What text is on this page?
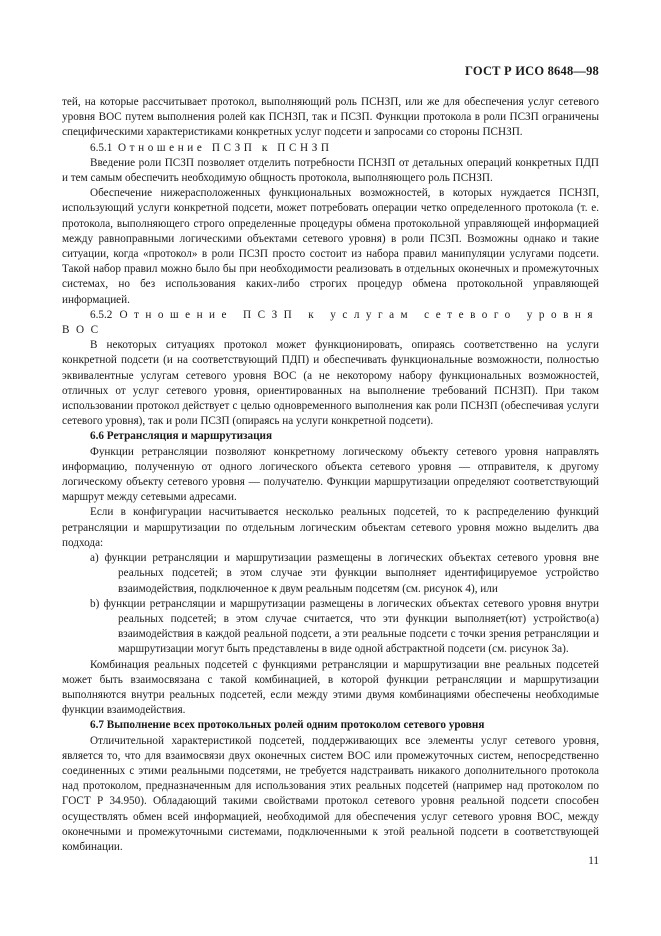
ГОСТ Р ИСО 8648—98

тей, на которые рассчитывает протокол, выполняющий роль ПСНЗП, или же для обеспечения услуг сетевого уровня ВОС путем выполнения ролей как ПСНЗП, так и ПСЗП. Функции протокола в роли ПСЗП ограничены специфическими характеристиками конкретных услуг подсети и запросами со стороны ПСНЗП.

6.5.1 Отношение ПСЗП к ПСНЗП

Введение роли ПСЗП позволяет отделить потребности ПСНЗП от детальных операций конкретных ПДП и тем самым обеспечить необходимую общность протокола, выполняющего роль ПСНЗП.

Обеспечение нижерасположенных функциональных возможностей, в которых нуждается ПСНЗП, использующий услуги конкретной подсети, может потребовать операции четко определенного протокола (т. е. протокола, выполняющего строго определенные процедуры обмена протокольной управляющей информацией между равноправными логическими объектами сетевого уровня) в роли ПСЗП. Возможны однако и такие ситуации, когда «протокол» в роли ПСЗП просто состоит из набора правил манипуляции услугами подсети. Такой набор правил можно было бы при необходимости реализовать в отдельных оконечных и промежуточных системах, но без использования каких-либо строгих процедур обмена протокольной управляющей информацией.

6.5.2 Отношение ПСЗП к услугам сетевого уровня ВОС

В некоторых ситуациях протокол может функционировать, опираясь соответственно на услуги конкретной подсети (и на соответствующий ПДП) и обеспечивать функциональные возможности, полностью эквивалентные услугам сетевого уровня ВОС (а не некоторому набору функциональных возможностей, отличных от услуг сетевого уровня, ориентированных на выполнение требований ПСНЗП). При таком использовании протокол действует с целью одновременного выполнения как роли ПСНЗП (обеспечивая услуги сетевого уровня), так и роли ПСЗП (опираясь на услуги конкретной подсети).

6.6 Ретрансляция и маршрутизация

Функции ретрансляции позволяют конкретному логическому объекту сетевого уровня направлять информацию, полученную от одного логического объекта сетевого уровня — отправителя, к другому логическому объекту сетевого уровня — получателю. Функции маршрутизации определяют соответствующий маршрут между сетевыми адресами.

Если в конфигурации насчитывается несколько реальных подсетей, то к распределению функций ретрансляции и маршрутизации по отдельным логическим объектам сетевого уровня можно выделить два подхода:

а) функции ретрансляции и маршрутизации размещены в логических объектах сетевого уровня вне реальных подсетей; в этом случае эти функции выполняет идентифицируемое устройство взаимодействия, подключенное к двум реальным подсетям (см. рисунок 4), или

b) функции ретрансляции и маршрутизации размещены в логических объектах сетевого уровня внутри реальных подсетей; в этом случае считается, что эти функции выполняет(ют) устройство(а) взаимодействия в каждой реальной подсети, а эти реальные подсети с точки зрения ретрансляции и маршрутизации могут быть представлены в виде одной абстрактной подсети (см. рисунок 3а).

Комбинация реальных подсетей с функциями ретрансляции и маршрутизации вне реальных подсетей может быть взаимосвязана с такой комбинацией, в которой функции ретрансляции и маршрутизации выполняются внутри реальных подсетей, если между этими двумя комбинациями обеспечены необходимые функции взаимодействия.

6.7 Выполнение всех протокольных ролей одним протоколом сетевого уровня

Отличительной характеристикой подсетей, поддерживающих все элементы услуг сетевого уровня, является то, что для взаимосвязи двух оконечных систем ВОС или промежуточных систем, непосредственно соединенных с этими реальными подсетями, не требуется надстраивать никакого дополнительного протокола над протоколом, предназначенным для использования этих реальных подсетей (например над протоколом по ГОСТ Р 34.950). Обладающий такими свойствами протокол сетевого уровня реальной подсети способен осуществлять обмен всей информацией, необходимой для обеспечения услуг сетевого уровня ВОС, между оконечными и промежуточными системами, подключенными к этой реальной подсети в соответствующей комбинации.

11
